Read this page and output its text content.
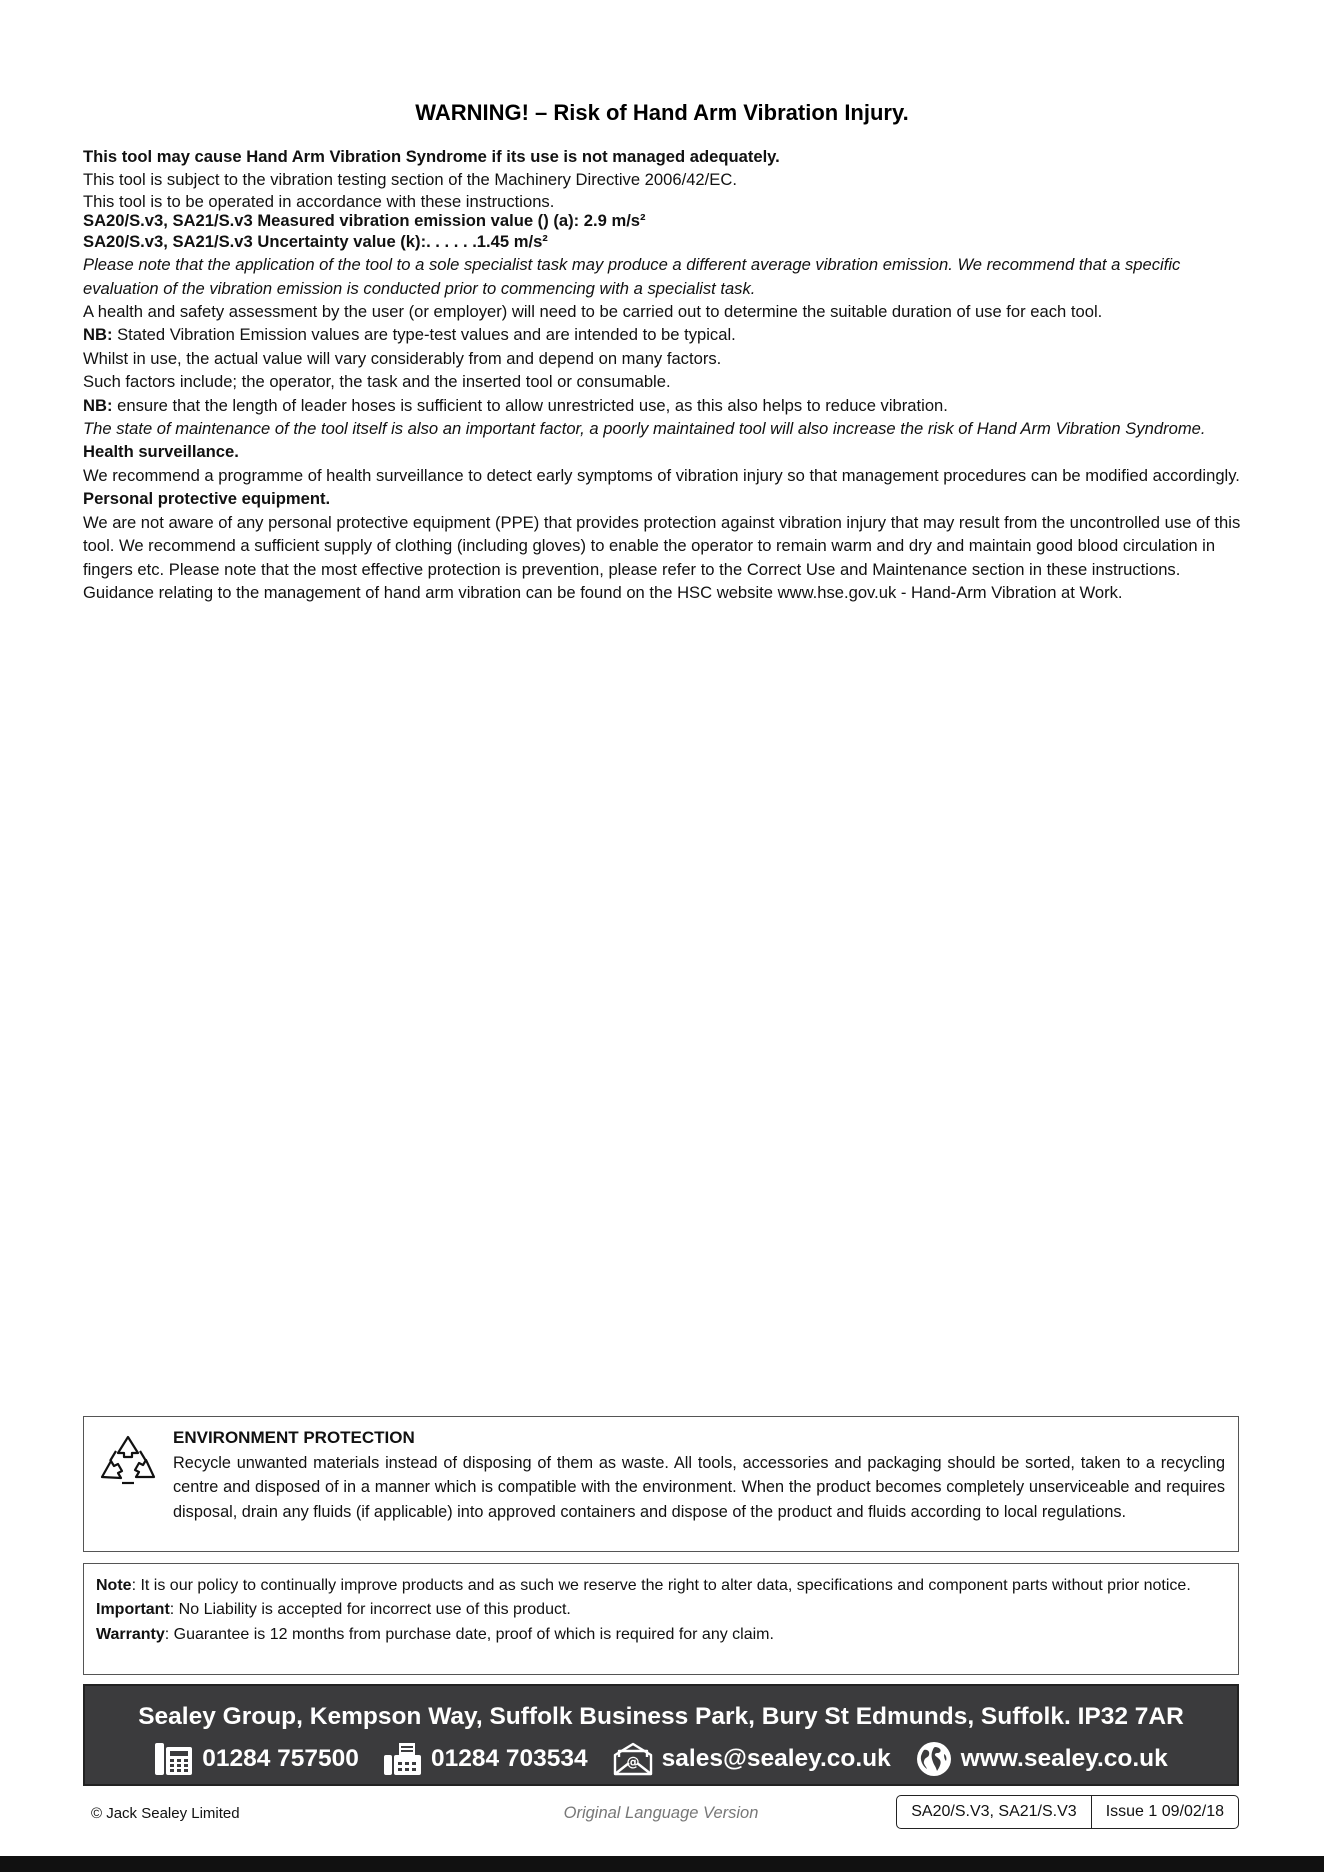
WARNING! – Risk of Hand Arm Vibration Injury.

This tool may cause Hand Arm Vibration Syndrome if its use is not managed adequately.

This tool is subject to the vibration testing section of the Machinery Directive 2006/42/EC.

This tool is to be operated in accordance with these instructions.

SA20/S.v3, SA21/S.v3 Measured vibration emission value () (a): 2.9 m/s²

SA20/S.v3, SA21/S.v3 Uncertainty value (k):. . . . . .1.45 m/s²

Please note that the application of the tool to a sole specialist task may produce a different average vibration emission. We recommend that a specific evaluation of the vibration emission is conducted prior to commencing with a specialist task.

A health and safety assessment by the user (or employer) will need to be carried out to determine the suitable duration of use for each tool.

NB: Stated Vibration Emission values are type-test values and are intended to be typical.

Whilst in use, the actual value will vary considerably from and depend on many factors.

Such factors include; the operator, the task and the inserted tool or consumable.

NB: ensure that the length of leader hoses is sufficient to allow unrestricted use, as this also helps to reduce vibration.

The state of maintenance of the tool itself is also an important factor, a poorly maintained tool will also increase the risk of Hand Arm Vibration Syndrome.

Health surveillance.

We recommend a programme of health surveillance to detect early symptoms of vibration injury so that management procedures can be modified accordingly.

Personal protective equipment.

We are not aware of any personal protective equipment (PPE) that provides protection against vibration injury that may result from the uncontrolled use of this tool. We recommend a sufficient supply of clothing (including gloves) to enable the operator to remain warm and dry and maintain good blood circulation in fingers etc. Please note that the most effective protection is prevention, please refer to the Correct Use and Maintenance section in these instructions. Guidance relating to the management of hand arm vibration can be found on the HSC website www.hse.gov.uk - Hand-Arm Vibration at Work.

ENVIRONMENT PROTECTION
Recycle unwanted materials instead of disposing of them as waste. All tools, accessories and packaging should be sorted, taken to a recycling centre and disposed of in a manner which is compatible with the environment. When the product becomes completely unserviceable and requires disposal, drain any fluids (if applicable) into approved containers and dispose of the product and fluids according to local regulations.

Note: It is our policy to continually improve products and as such we reserve the right to alter data, specifications and component parts without prior notice.

Important: No Liability is accepted for incorrect use of this product.

Warranty: Guarantee is 12 months from purchase date, proof of which is required for any claim.

Sealey Group, Kempson Way, Suffolk Business Park, Bury St Edmunds, Suffolk. IP32 7AR
01284 757500	01284 703534	@ sales@sealey.co.uk	www.sealey.co.uk
© Jack Sealey Limited	Original Language Version	SA20/S.V3, SA21/S.V3	Issue 1 09/02/18
